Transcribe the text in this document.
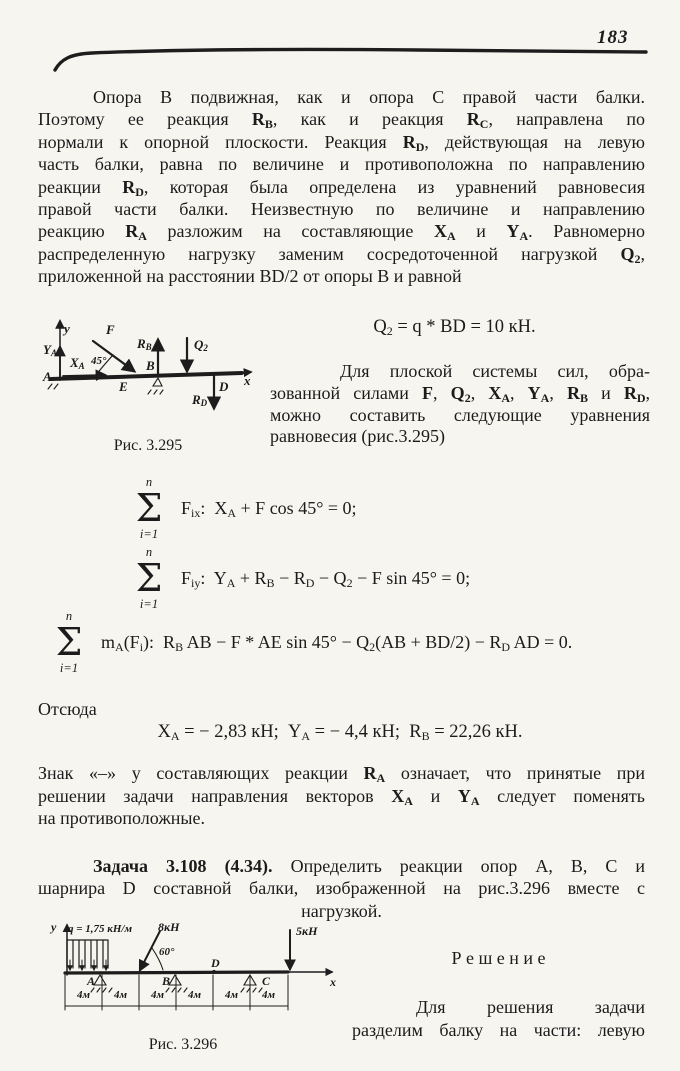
183
Опора В подвижная, как и опора С правой части балки.
Поэтому ее реакция $R_B$, как и реакция $R_C$, направлена по
нормали к опорной плоскости. Реакция $R_D$, действующая на левую
часть балки, равна по величине и противоположна по направлению
реакции $R_D$, которая была определена из уравнений равновесия
правой части балки. Неизвестную по величине и направлению
реакцию $R_A$ разложим на составляющие $X_A$ и $Y_A$. Равномерно
распределенную нагрузку заменим сосредоточенной нагрузкой $Q_2$,
приложенной на расстоянии BD/2 от опоры В и равной
$Q_2 = q$ * BD = 10 кН.
y
$Y_A$
$X_A$
A
F
45°
E
$R_B$
B
$Q_2$
x
D
$R_D$
Рис. 3.295
Для плоской системы сил, обра-
зованной силами F, $Q_2$, $X_A$, $Y_A$, $R_B$ и $R_D$,
можно составить следующие уравнения
равновесия (рис.3.295)
n
Σ
i=1
$F_{ix}$:  $X_A + F$ cos 45° = 0;
n
Σ
i=1
$F_{iy}$:  $Y_A + R_B - R_D - Q_2 - F$ sin 45° = 0;
n
Σ
i=1
$m_A(F_i)$:  $R_B$ AB − F * AE $\sin 45^\circ - Q_2(AB + BD/2) - R_D$ AD = 0.
Отсюда
$X_A$ = − 2,83 кН;  $Y_A$ = − 4,4 кН;  $R_B = 22,26$ кН.
Знак «–» у составляющих реакции $R_A$ означает, что принятые при
решении задачи направления векторов $X_A$ и $Y_A$ следует поменять
на противоположные.
Задача 3.108 (4.34). Определить реакции опор А, В, С и
шарнира D составной балки, изображенной на рис.3.296 вместе с
нагрузкой.
y q = 1,75 кН/м 8кН
60°
D
5кН
A	B	C	x
4м	4м	4м	4м	4м	4м
Рис. 3.296
Р е ш е н и е
Для решения задачи
разделим балку на части: левую
